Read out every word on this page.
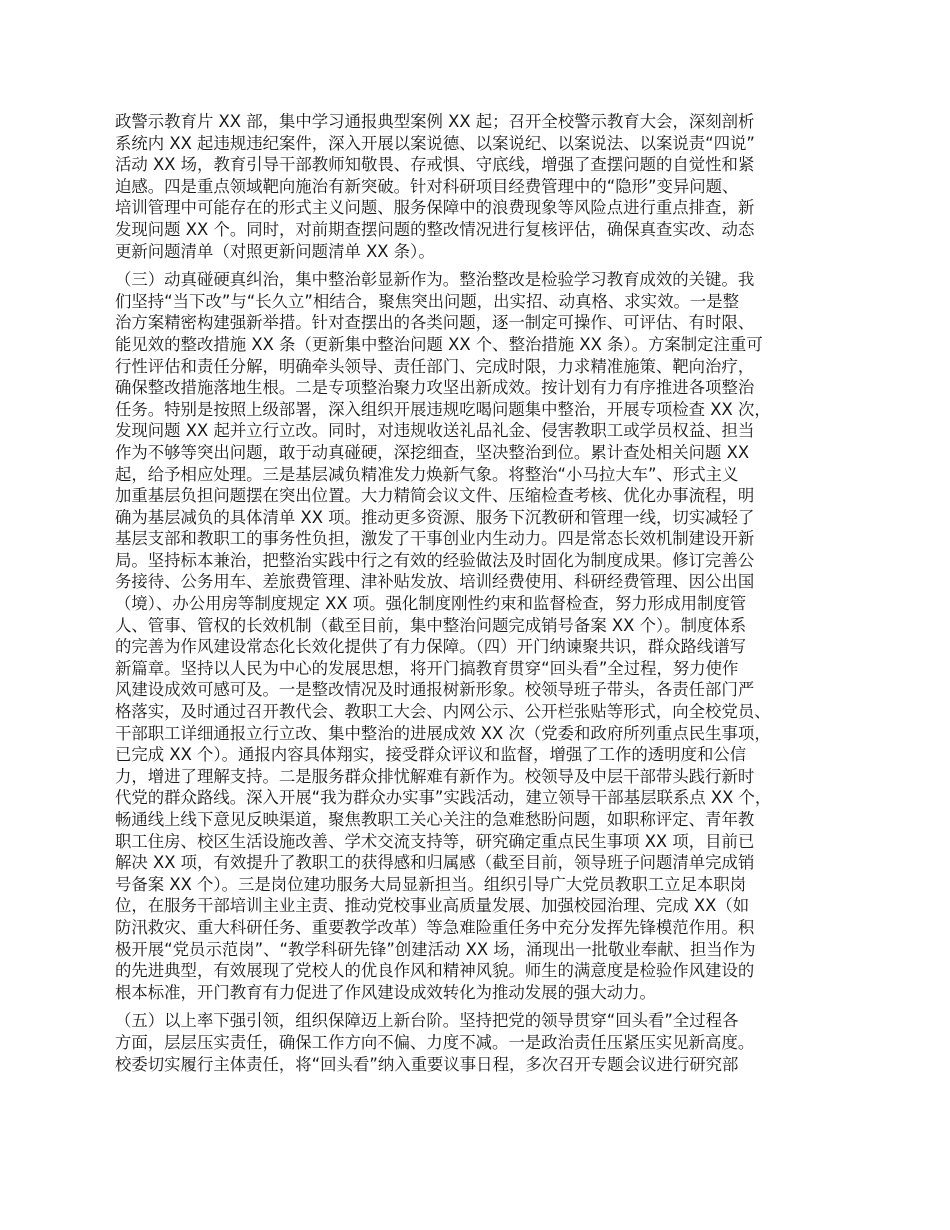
政警示教育片 XX 部，集中学习通报典型案例 XX 起；召开全校警示教育大会，深刻剖析
系统内 XX 起违规违纪案件，深入开展以案说德、以案说纪、以案说法、以案说责“四说”
活动 XX 场，教育引导干部教师知敬畏、存戒惧、守底线，增强了查摆问题的自觉性和紧
迫感。四是重点领域靶向施治有新突破。针对科研项目经费管理中的“隐形”变异问题、
培训管理中可能存在的形式主义问题、服务保障中的浪费现象等风险点进行重点排查，新
发现问题 XX 个。同时，对前期查摆问题的整改情况进行复核评估，确保真查实改、动态
更新问题清单（对照更新问题清单 XX 条）。
（三）动真碰硬真纠治，集中整治彰显新作为。整治整改是检验学习教育成效的关键。我
们坚持“当下改”与“长久立”相结合，聚焦突出问题，出实招、动真格、求实效。一是整
治方案精密构建强新举措。针对查摆出的各类问题，逐一制定可操作、可评估、有时限、
能见效的整改措施 XX 条（更新集中整治问题 XX 个、整治措施 XX 条）。方案制定注重可
行性评估和责任分解，明确牵头领导、责任部门、完成时限，力求精准施策、靶向治疗，
确保整改措施落地生根。二是专项整治聚力攻坚出新成效。按计划有力有序推进各项整治
任务。特别是按照上级部署，深入组织开展违规吃喝问题集中整治，开展专项检查 XX 次，
发现问题 XX 起并立行立改。同时，对违规收送礼品礼金、侵害教职工或学员权益、担当
作为不够等突出问题，敢于动真碰硬，深挖细查，坚决整治到位。累计查处相关问题 XX
起，给予相应处理。三是基层减负精准发力焕新气象。将整治“小马拉大车”、形式主义
加重基层负担问题摆在突出位置。大力精简会议文件、压缩检查考核、优化办事流程，明
确为基层减负的具体清单 XX 项。推动更多资源、服务下沉教研和管理一线，切实减轻了
基层支部和教职工的事务性负担，激发了干事创业内生动力。四是常态长效机制建设开新
局。坚持标本兼治，把整治实践中行之有效的经验做法及时固化为制度成果。修订完善公
务接待、公务用车、差旅费管理、津补贴发放、培训经费使用、科研经费管理、因公出国
（境）、办公用房等制度规定 XX 项。强化制度刚性约束和监督检查，努力形成用制度管
人、管事、管权的长效机制（截至目前，集中整治问题完成销号备案 XX 个）。制度体系
的完善为作风建设常态化长效化提供了有力保障。（四）开门纳谏聚共识，群众路线谱写
新篇章。坚持以人民为中心的发展思想，将开门搞教育贯穿“回头看”全过程，努力使作
风建设成效可感可及。一是整改情况及时通报树新形象。校领导班子带头，各责任部门严
格落实，及时通过召开教代会、教职工大会、内网公示、公开栏张贴等形式，向全校党员、
干部职工详细通报立行立改、集中整治的进展成效 XX 次（党委和政府所列重点民生事项，
已完成 XX 个）。通报内容具体翔实，接受群众评议和监督，增强了工作的透明度和公信
力，增进了理解支持。二是服务群众排忧解难有新作为。校领导及中层干部带头践行新时
代党的群众路线。深入开展“我为群众办实事”实践活动，建立领导干部基层联系点 XX 个，
畅通线上线下意见反映渠道，聚焦教职工关心关注的急难愁盼问题，如职称评定、青年教
职工住房、校区生活设施改善、学术交流支持等，研究确定重点民生事项 XX 项，目前已
解决 XX 项，有效提升了教职工的获得感和归属感（截至目前，领导班子问题清单完成销
号备案 XX 个）。三是岗位建功服务大局显新担当。组织引导广大党员教职工立足本职岗
位，在服务干部培训主业主责、推动党校事业高质量发展、加强校园治理、完成 XX（如
防汛救灾、重大科研任务、重要教学改革）等急难险重任务中充分发挥先锋模范作用。积
极开展“党员示范岗”、“教学科研先锋”创建活动 XX 场，涌现出一批敬业奉献、担当作为
的先进典型，有效展现了党校人的优良作风和精神风貌。师生的满意度是检验作风建设的
根本标准，开门教育有力促进了作风建设成效转化为推动发展的强大动力。
（五）以上率下强引领，组织保障迈上新台阶。坚持把党的领导贯穿“回头看”全过程各
方面，层层压实责任，确保工作方向不偏、力度不减。一是政治责任压紧压实见新高度。
校委切实履行主体责任，将“回头看”纳入重要议事日程，多次召开专题会议进行研究部
